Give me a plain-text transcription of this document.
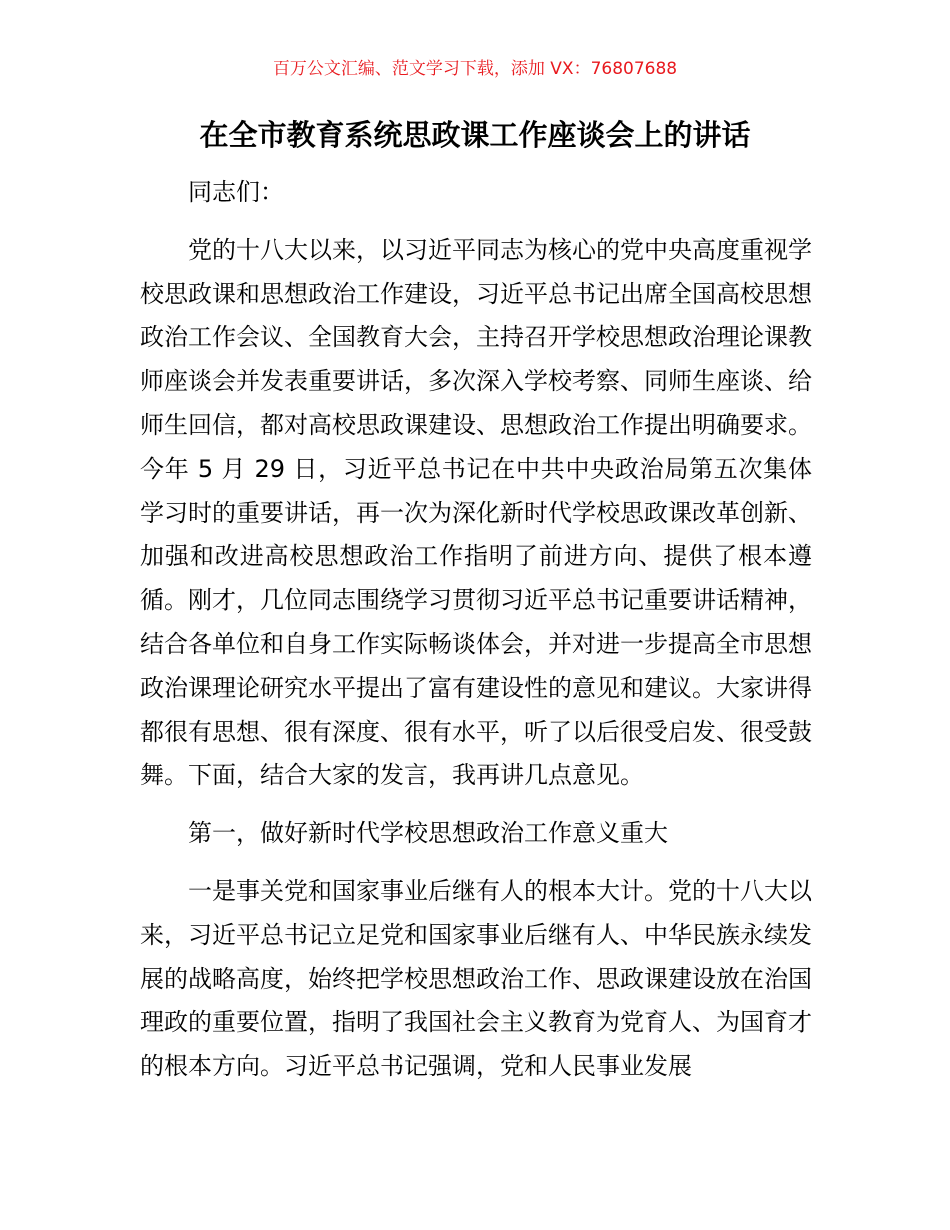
百万公文汇编、范文学习下载，添加 VX：76807688
在全市教育系统思政课工作座谈会上的讲话

同志们：

党的十八大以来，以习近平同志为核心的党中央高度重视学校思政课和思想政治工作建设，习近平总书记出席全国高校思想政治工作会议、全国教育大会，主持召开学校思想政治理论课教师座谈会并发表重要讲话，多次深入学校考察、同师生座谈、给师生回信，都对高校思政课建设、思想政治工作提出明确要求。今年 5 月 29 日，习近平总书记在中共中央政治局第五次集体学习时的重要讲话，再一次为深化新时代学校思政课改革创新、加强和改进高校思想政治工作指明了前进方向、提供了根本遵循。刚才，几位同志围绕学习贯彻习近平总书记重要讲话精神，结合各单位和自身工作实际畅谈体会，并对进一步提高全市思想政治课理论研究水平提出了富有建设性的意见和建议。大家讲得都很有思想、很有深度、很有水平，听了以后很受启发、很受鼓舞。下面，结合大家的发言，我再讲几点意见。

第一，做好新时代学校思想政治工作意义重大

一是事关党和国家事业后继有人的根本大计。党的十八大以来，习近平总书记立足党和国家事业后继有人、中华民族永续发展的战略高度，始终把学校思想政治工作、思政课建设放在治国理政的重要位置，指明了我国社会主义教育为党育人、为国育才的根本方向。习近平总书记强调，党和人民事业发展
